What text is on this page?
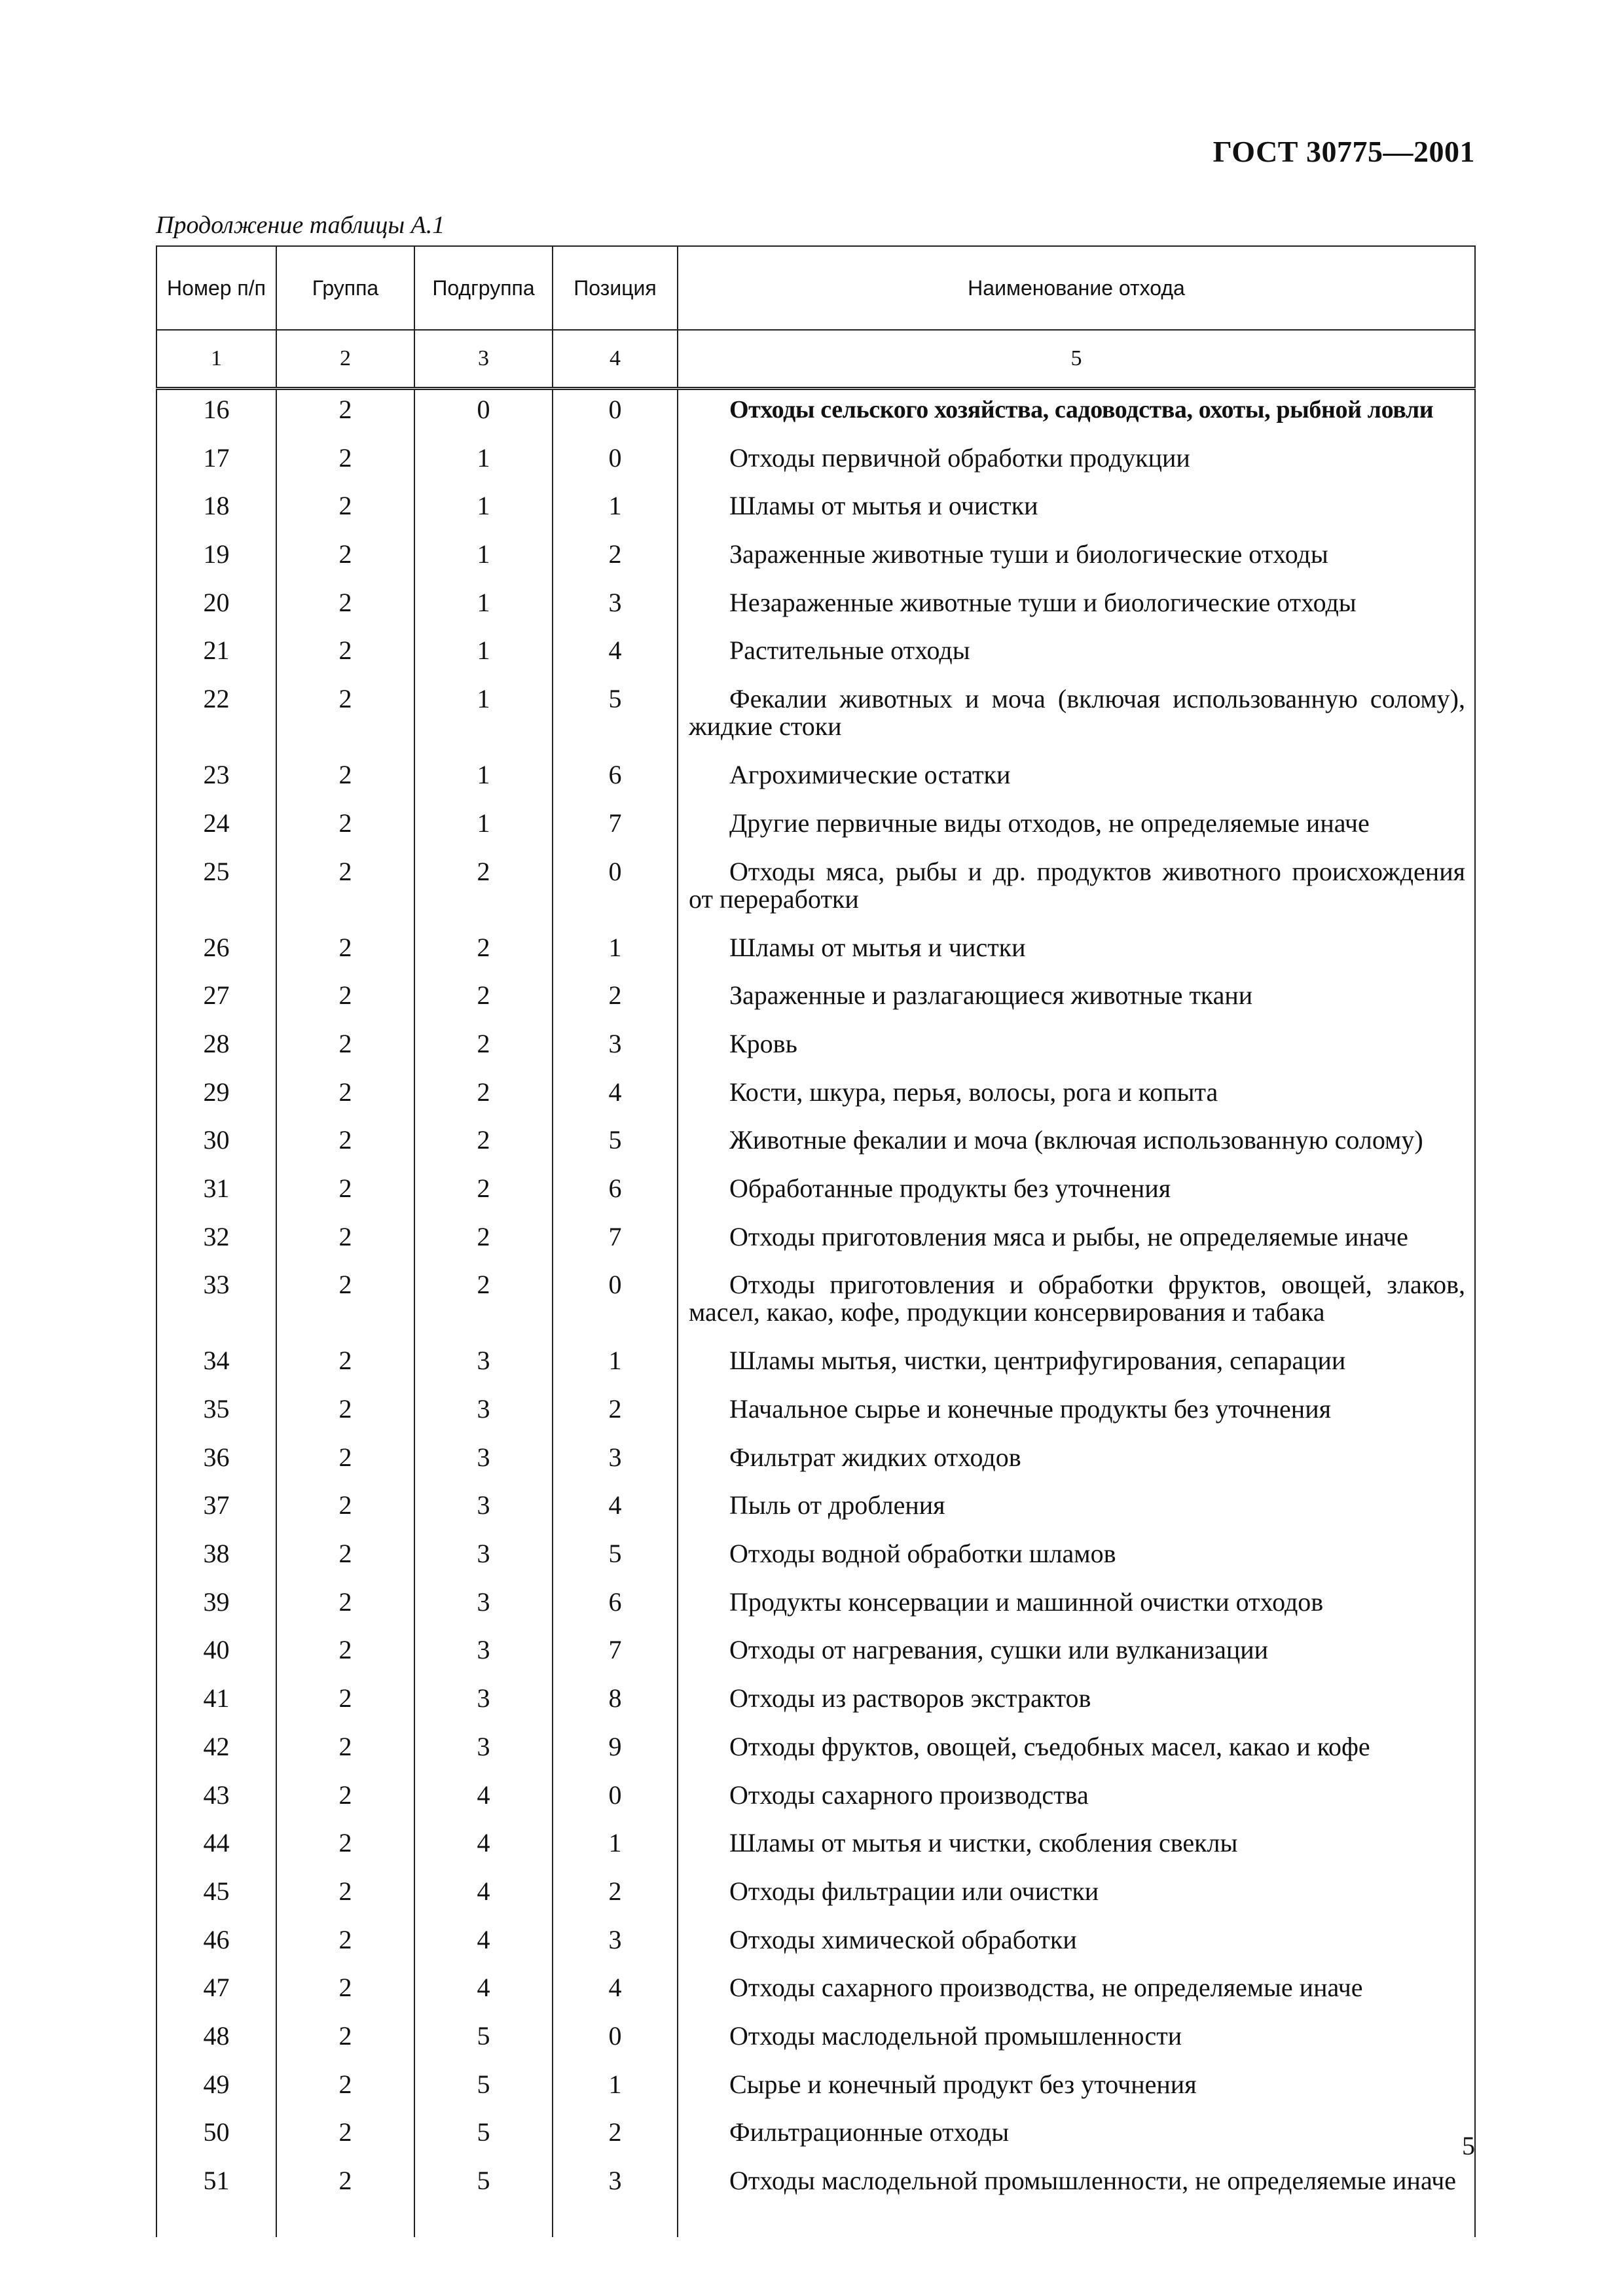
ГОСТ 30775—2001
Продолжение таблицы А.1
Номер п/п	Группа	Подгруппа	Позиция	Наименование отхода
1	2	3	4	5
16	2	0	0	Отходы сельского хозяйства, садоводства, охоты, рыбной ловли
17	2	1	0	Отходы первичной обработки продукции
18	2	1	1	Шламы от мытья и очистки
19	2	1	2	Зараженные животные туши и биологические отходы
20	2	1	3	Незараженные животные туши и биологические отходы
21	2	1	4	Растительные отходы
22	2	1	5	Фекалии животных и моча (включая использованную солому), жидкие стоки
23	2	1	6	Агрохимические остатки
24	2	1	7	Другие первичные виды отходов, не определяемые иначе
25	2	2	0	Отходы мяса, рыбы и др. продуктов животного происхождения от переработки
26	2	2	1	Шламы от мытья и чистки
27	2	2	2	Зараженные и разлагающиеся животные ткани
28	2	2	3	Кровь
29	2	2	4	Кости, шкура, перья, волосы, рога и копыта
30	2	2	5	Животные фекалии и моча (включая использованную солому)
31	2	2	6	Обработанные продукты без уточнения
32	2	2	7	Отходы приготовления мяса и рыбы, не определяемые иначе
33	2	2	0	Отходы приготовления и обработки фруктов, овощей, злаков, масел, какао, кофе, продукции консервирования и табака
34	2	3	1	Шламы мытья, чистки, центрифугирования, сепарации
35	2	3	2	Начальное сырье и конечные продукты без уточнения
36	2	3	3	Фильтрат жидких отходов
37	2	3	4	Пыль от дробления
38	2	3	5	Отходы водной обработки шламов
39	2	3	6	Продукты консервации и машинной очистки отходов
40	2	3	7	Отходы от нагревания, сушки или вулканизации
41	2	3	8	Отходы из растворов экстрактов
42	2	3	9	Отходы фруктов, овощей, съедобных масел, какао и кофе
43	2	4	0	Отходы сахарного производства
44	2	4	1	Шламы от мытья и чистки, скобления свеклы
45	2	4	2	Отходы фильтрации или очистки
46	2	4	3	Отходы химической обработки
47	2	4	4	Отходы сахарного производства, не определяемые иначе
48	2	5	0	Отходы маслодельной промышленности
49	2	5	1	Сырье и конечный продукт без уточнения
50	2	5	2	Фильтрационные отходы
51	2	5	3	Отходы маслодельной промышленности, не определяемые иначе
5
